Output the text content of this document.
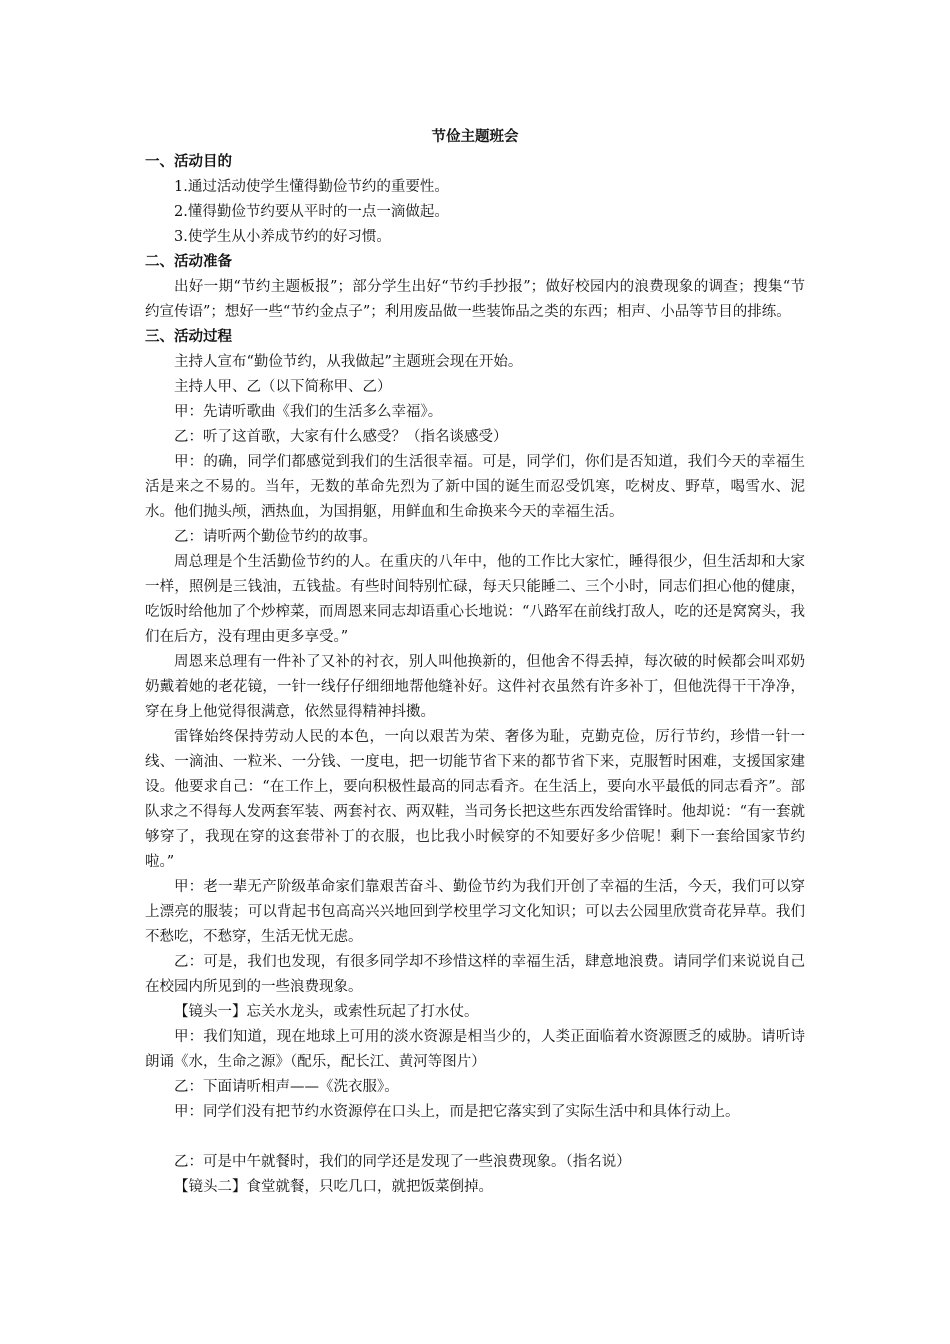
节俭主题班会
一、活动目的

1.通过活动使学生懂得勤俭节约的重要性。

2.懂得勤俭节约要从平时的一点一滴做起。

3.使学生从小养成节约的好习惯。

二、活动准备

出好一期“节约主题板报”；部分学生出好“节约手抄报”；做好校园内的浪费现象的调查；搜集“节约宣传语”；想好一些“节约金点子”；利用废品做一些装饰品之类的东西；相声、小品等节目的排练。

三、活动过程

主持人宣布“勤俭节约，从我做起”主题班会现在开始。

主持人甲、乙（以下简称甲、乙）

甲：先请听歌曲《我们的生活多么幸福》。

乙：听了这首歌，大家有什么感受？（指名谈感受）

甲：的确，同学们都感觉到我们的生活很幸福。可是，同学们，你们是否知道，我们今天的幸福生活是来之不易的。当年，无数的革命先烈为了新中国的诞生而忍受饥寒，吃树皮、野草，喝雪水、泥水。他们抛头颅，洒热血，为国捐躯，用鲜血和生命换来今天的幸福生活。

乙：请听两个勤俭节约的故事。

周总理是个生活勤俭节约的人。在重庆的八年中，他的工作比大家忙，睡得很少，但生活却和大家一样，照例是三钱油，五钱盐。有些时间特别忙碌，每天只能睡二、三个小时，同志们担心他的健康，吃饭时给他加了个炒榨菜，而周恩来同志却语重心长地说：“八路军在前线打敌人，吃的还是窝窝头，我们在后方，没有理由更多享受。”

周恩来总理有一件补了又补的衬衣，别人叫他换新的，但他舍不得丢掉，每次破的时候都会叫邓奶奶戴着她的老花镜，一针一线仔仔细细地帮他缝补好。这件衬衣虽然有许多补丁，但他洗得干干净净，穿在身上他觉得很满意，依然显得精神抖擞。

雷锋始终保持劳动人民的本色，一向以艰苦为荣、奢侈为耻，克勤克俭，厉行节约，珍惜一针一线、一滴油、一粒米、一分钱、一度电，把一切能节省下来的都节省下来，克服暂时困难，支援国家建设。他要求自己：“在工作上，要向积极性最高的同志看齐。在生活上，要向水平最低的同志看齐”。部队求之不得每人发两套军装、两套衬衣、两双鞋，当司务长把这些东西发给雷锋时。他却说：“有一套就够穿了，我现在穿的这套带补丁的衣服，也比我小时候穿的不知要好多少倍呢！剩下一套给国家节约啦。”

甲：老一辈无产阶级革命家们靠艰苦奋斗、勤俭节约为我们开创了幸福的生活，今天，我们可以穿上漂亮的服装；可以背起书包高高兴兴地回到学校里学习文化知识；可以去公园里欣赏奇花异草。我们不愁吃，不愁穿，生活无忧无虑。

乙：可是，我们也发现，有很多同学却不珍惜这样的幸福生活，肆意地浪费。请同学们来说说自己在校园内所见到的一些浪费现象。

【镜头一】忘关水龙头，或索性玩起了打水仗。

甲：我们知道，现在地球上可用的淡水资源是相当少的，人类正面临着水资源匮乏的威胁。请听诗朗诵《水，生命之源》（配乐，配长江、黄河等图片）

乙：下面请听相声——《洗衣服》。

甲：同学们没有把节约水资源停在口头上，而是把它落实到了实际生活中和具体行动上。

乙：可是中午就餐时，我们的同学还是发现了一些浪费现象。（指名说）

【镜头二】食堂就餐，只吃几口，就把饭菜倒掉。
